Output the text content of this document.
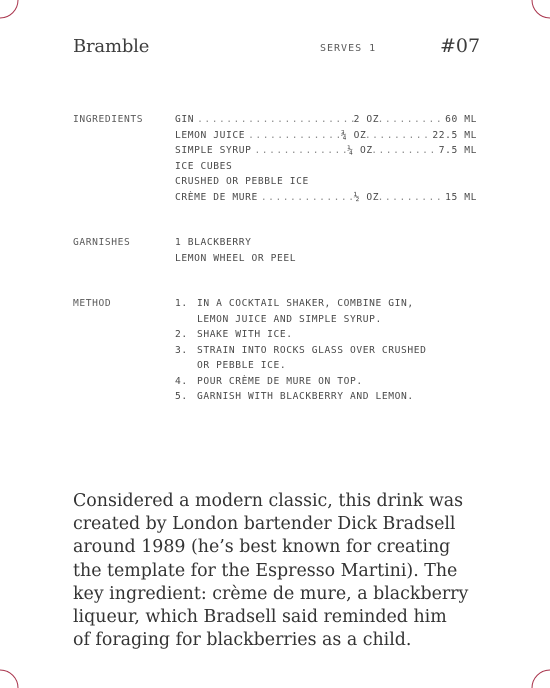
Bramble	SERVES 1	#07
INGREDIENTS	GIN .....	2 OZ .....	60 ML
LEMON JUICE .....	¾ OZ .....	22.5 ML
SIMPLE SYRUP .....	¼ OZ .....	7.5 ML
ICE CUBES
CRUSHED OR PEBBLE ICE
CRÈME DE MURE .....	½ OZ .....	15 ML
GARNISHES	1 BLACKBERRY
LEMON WHEEL OR PEEL
METHOD	1. IN A COCKTAIL SHAKER, COMBINE GIN,
LEMON JUICE AND SIMPLE SYRUP.
2. SHAKE WITH ICE.
3. STRAIN INTO ROCKS GLASS OVER CRUSHED
OR PEBBLE ICE.
4. POUR CRÈME DE MURE ON TOP.
5. GARNISH WITH BLACKBERRY AND LEMON.
Considered a modern classic, this drink was
created by London bartender Dick Bradsell
around 1989 (he’s best known for creating
the template for the Espresso Martini). The
key ingredient: crème de mure, a blackberry
liqueur, which Bradsell said reminded him
of foraging for blackberries as a child.
